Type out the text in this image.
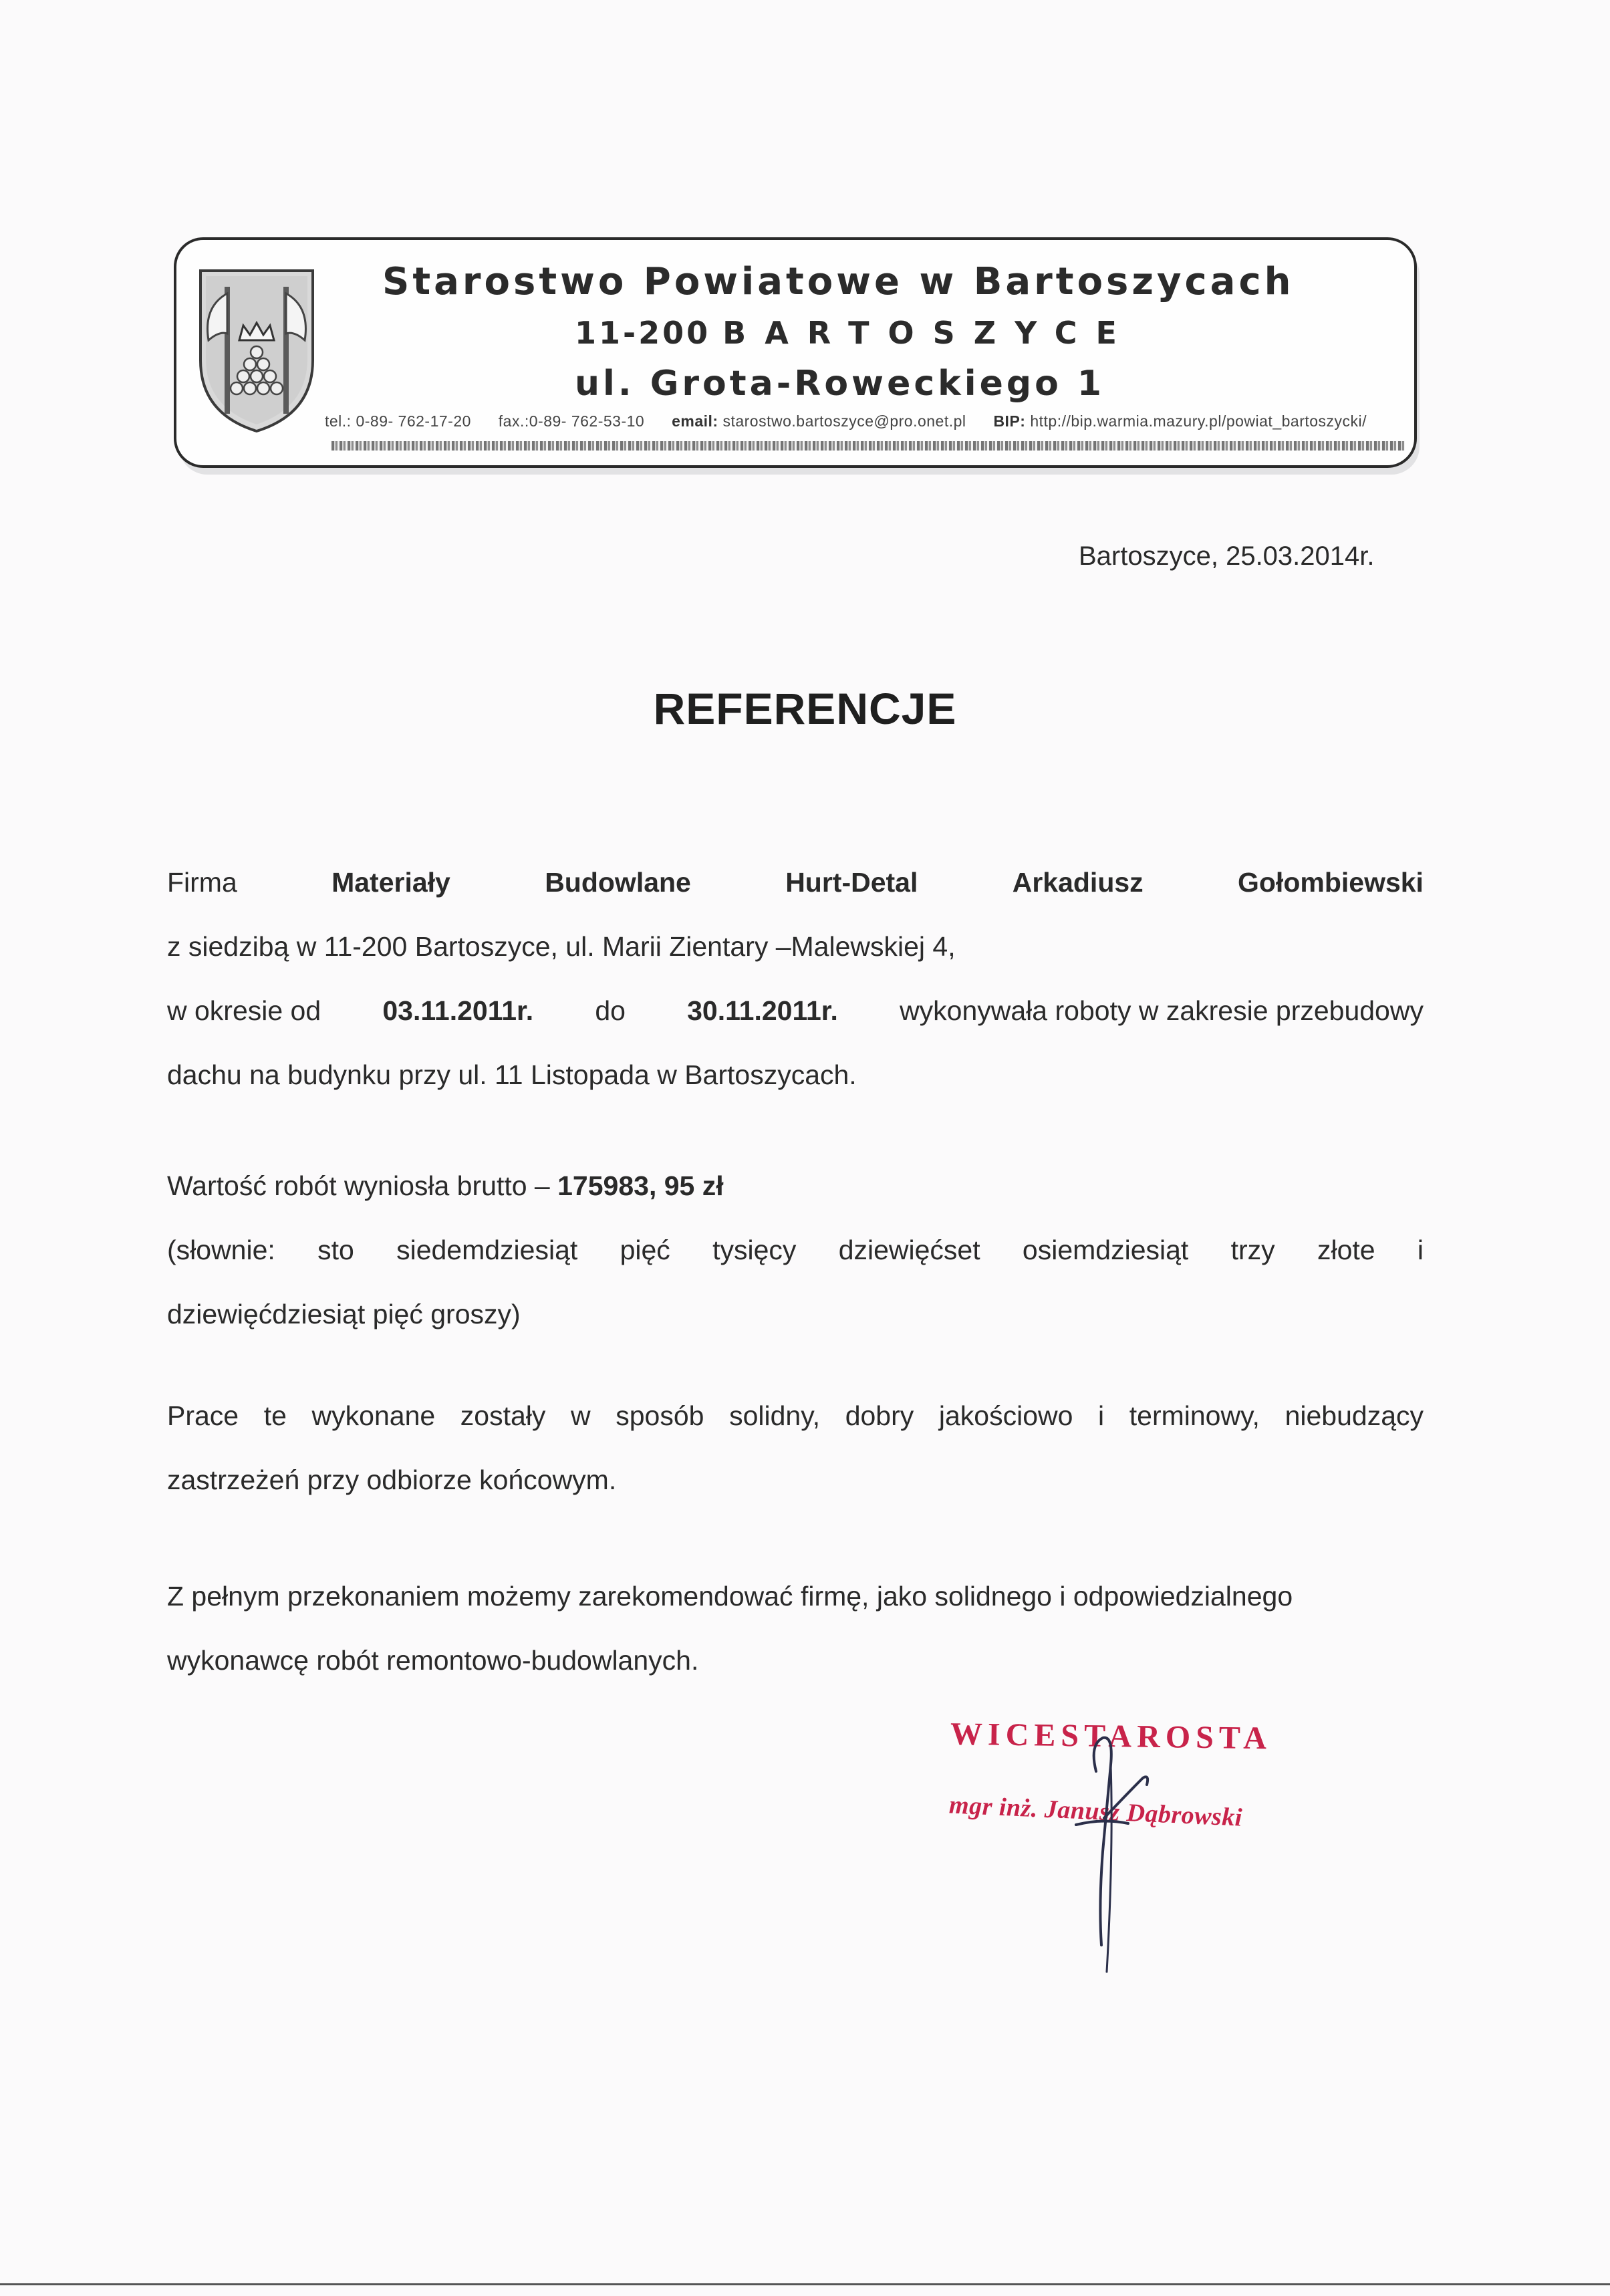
Starostwo Powiatowe w Bartoszycach
11-200 BARTOSZYCE
ul. Grota-Roweckiego 1
tel.: 0-89- 762-17-20 fax.:0-89- 762-53-10 email: starostwo.bartoszyce@pro.onet.pl BIP: http://bip.warmia.mazury.pl/powiat_bartoszycki/
Bartoszyce, 25.03.2014r.
REFERENCJE
Firma	Materiały	Budowlane	Hurt-Detal	Arkadiusz	Gołombiewski
z siedzibą w 11-200 Bartoszyce, ul. Marii Zientary –Malewskiej 4,
w okresie od 03.11.2011r. do 30.11.2011r. wykonywała roboty w zakresie przebudowy
dachu na budynku przy ul. 11 Listopada w Bartoszycach.
Wartość robót wyniosła brutto – 175983, 95 zł
(słownie: sto siedemdziesiąt pięć tysięcy dziewięćset osiemdziesiąt trzy złote i
dziewięćdziesiąt pięć groszy)
Prace te wykonane zostały w sposób solidny, dobry jakościowo i terminowy, niebudzący
zastrzeżeń przy odbiorze końcowym.
Z pełnym przekonaniem możemy zarekomendować firmę, jako solidnego i odpowiedzialnego
wykonawcę robót remontowo-budowlanych.
WICESTAROSTA
mgr inż. Janusz Dąbrowski
